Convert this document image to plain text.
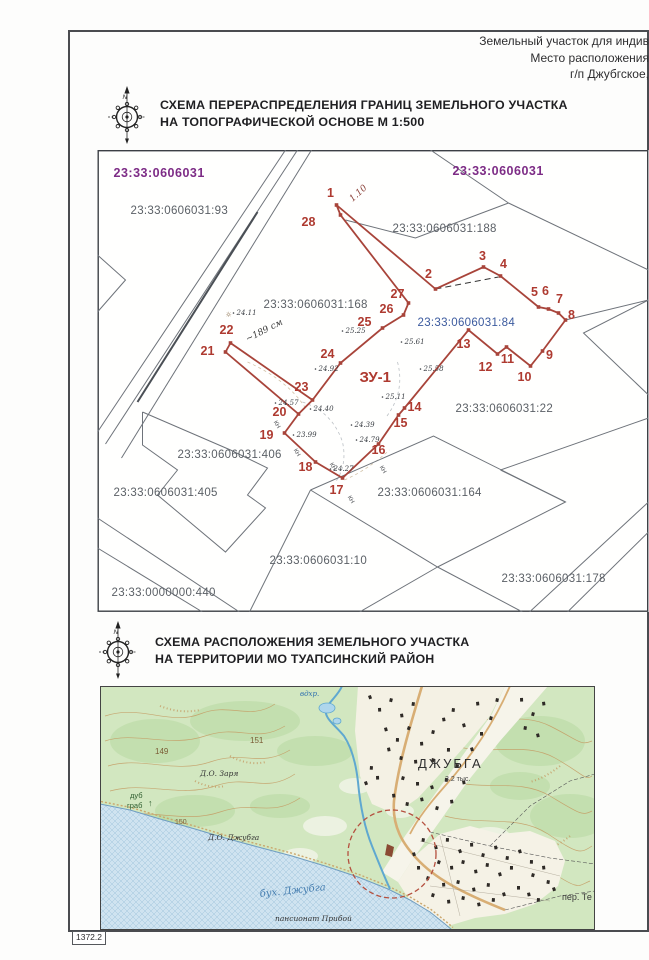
Земельный участок для индив
Место расположения
г/п Джубгское,
N
СХЕМА ПЕРЕРАСПРЕДЕЛЕНИЯ ГРАНИЦ ЗЕМЕЛЬНОГО УЧАСТКА
НА ТОПОГРАФИЧЕСКОЙ ОСНОВЕ М 1:500
1
2
3
4
5 6
7
8
9
10
11
12
13
14
15
16
17
18
19
20
21
22
23
24
25
26
27
28
23:33:0606031	23:33:0606031
23:33:0606031:93
23:33:0606031:188
23:33:0606031:168
23:33:0606031:84
23:33:0606031:22
23:33:0606031:406
23:33:0606031:405	23:33:0606031:164
23:33:0606031:10
23:33:0000000:440
23:33:0606031:178
ЗУ-1
25.25
25.61
24.92
24.40
24.39
24.79
23.99
24.27
25.11
25.58
24.11
24.57
1.10
~189 см
☼
КН
КН	КН
КН
КН
N
СХЕМА РАСПОЛОЖЕНИЯ ЗЕМЕЛЬНОГО УЧАСТКА
НА ТЕРРИТОРИИ МО ТУАПСИНСКИЙ РАЙОН
ДЖУБГА
3.2 тыс.
вдхр.
149
151
150
Д.О. Заря
дуб
граб ↑
Д.О. Джубга
бух. Джубга
пансионат Прибой
пер. Те
1372.2
